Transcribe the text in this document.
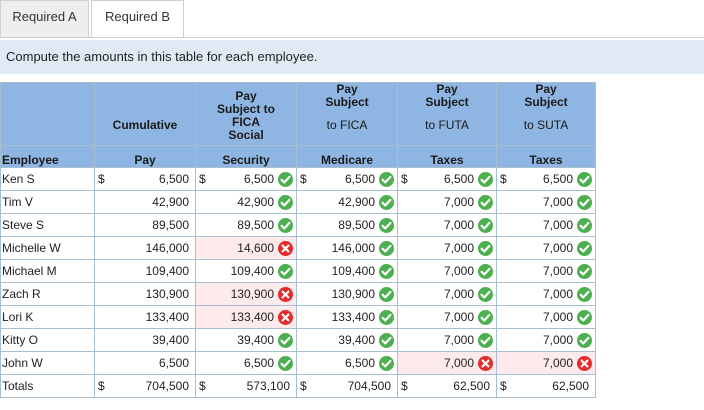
Required A	Required B
Compute the amounts in this table for each employee.

	Cumulative	Pay
Subject to
FICA
Social	Pay
Subject
to FICA	Pay
Subject
to FUTA	Pay
Subject
to SUTA

Employee	Pay	Security	Medicare	Taxes	Taxes
Ken S	$ 6,500	$ 6,500	$ 6,500	$ 6,500	$ 6,500

Tim V	42,900	42,900	42,900	7,000	7,000

Steve S	89,500	89,500	89,500	7,000	7,000

Michelle W	146,000	14,600	146,000	7,000	7,000

Michael M	109,400	109,400	109,400	7,000	7,000

Zach R	130,900	130,900	130,900	7,000	7,000

Lori K	133,400	133,400	133,400	7,000	7,000

Kitty O	39,400	39,400	39,400	7,000	7,000

John W	6,500	6,500	6,500	7,000	7,000

Totals	$ 704,500	$ 573,100	$ 704,500	$ 62,500	$ 62,500
